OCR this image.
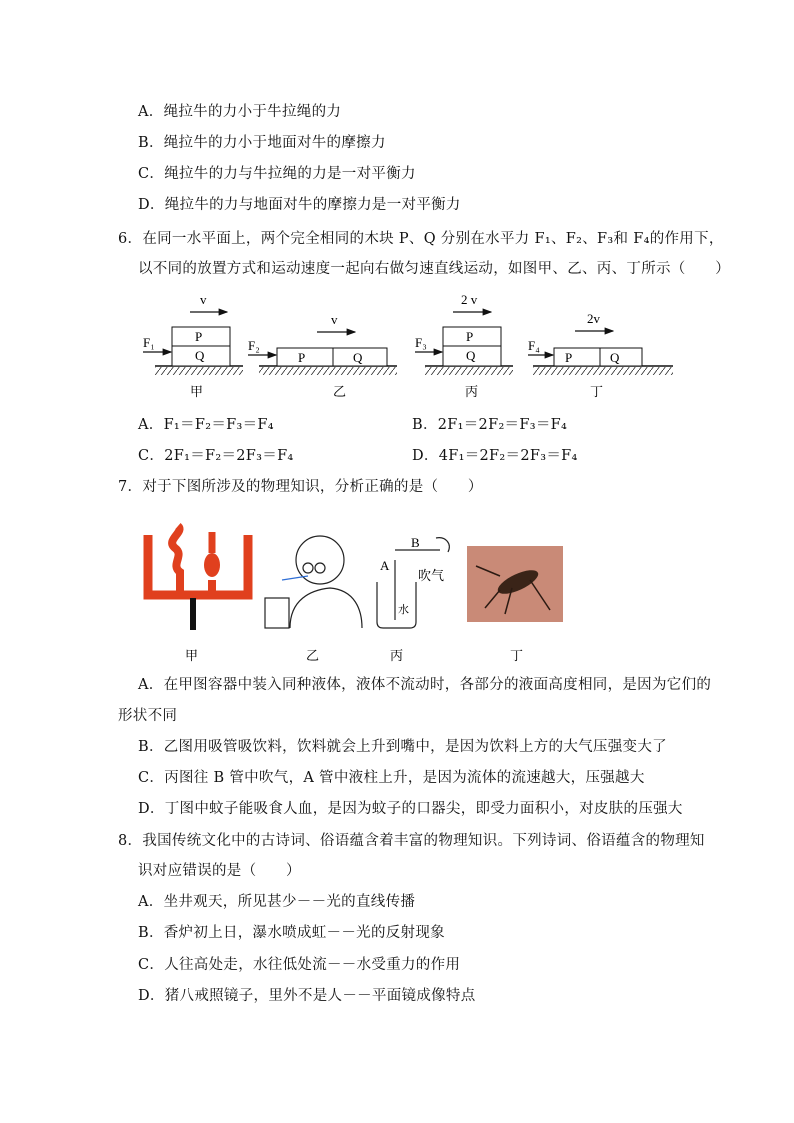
A．绳拉牛的力小于牛拉绳的力
B．绳拉牛的力小于地面对牛的摩擦力
C．绳拉牛的力与牛拉绳的力是一对平衡力
D．绳拉牛的力与地面对牛的摩擦力是一对平衡力
6．在同一水平面上，两个完全相同的木块 P、Q 分别在水平力 F₁、F₂、F₃和 F₄的作用下，
以不同的放置方式和运动速度一起向右做匀速直线运动，如图甲、乙、丙、丁所示（　　）
P
Q
v
F₁
甲
P	Q
v
F₂
乙
P
Q
2 v
F₃
丙
P	Q
2v
F₄
丁
A．F₁＝F₂＝F₃＝F₄	B．2F₁＝2F₂＝F₃＝F₄
C．2F₁＝F₂＝2F₃＝F₄	D．4F₁＝2F₂＝2F₃＝F₄
7．对于下图所涉及的物理知识，分析正确的是（　　）
甲	乙
A
B
吹气
水
丙	丁
A．在甲图容器中装入同种液体，液体不流动时，各部分的液面高度相同，是因为它们的
形状不同
B．乙图用吸管吸饮料，饮料就会上升到嘴中，是因为饮料上方的大气压强变大了
C．丙图往 B 管中吹气，A 管中液柱上升，是因为流体的流速越大，压强越大
D．丁图中蚊子能吸食人血，是因为蚊子的口器尖，即受力面积小，对皮肤的压强大
8．我国传统文化中的古诗词、俗语蕴含着丰富的物理知识。下列诗词、俗语蕴含的物理知
识对应错误的是（　　）
A．坐井观天，所见甚少－－光的直线传播
B．香炉初上日，瀑水喷成虹－－光的反射现象
C．人往高处走，水往低处流－－水受重力的作用
D．猪八戒照镜子，里外不是人－－平面镜成像特点
